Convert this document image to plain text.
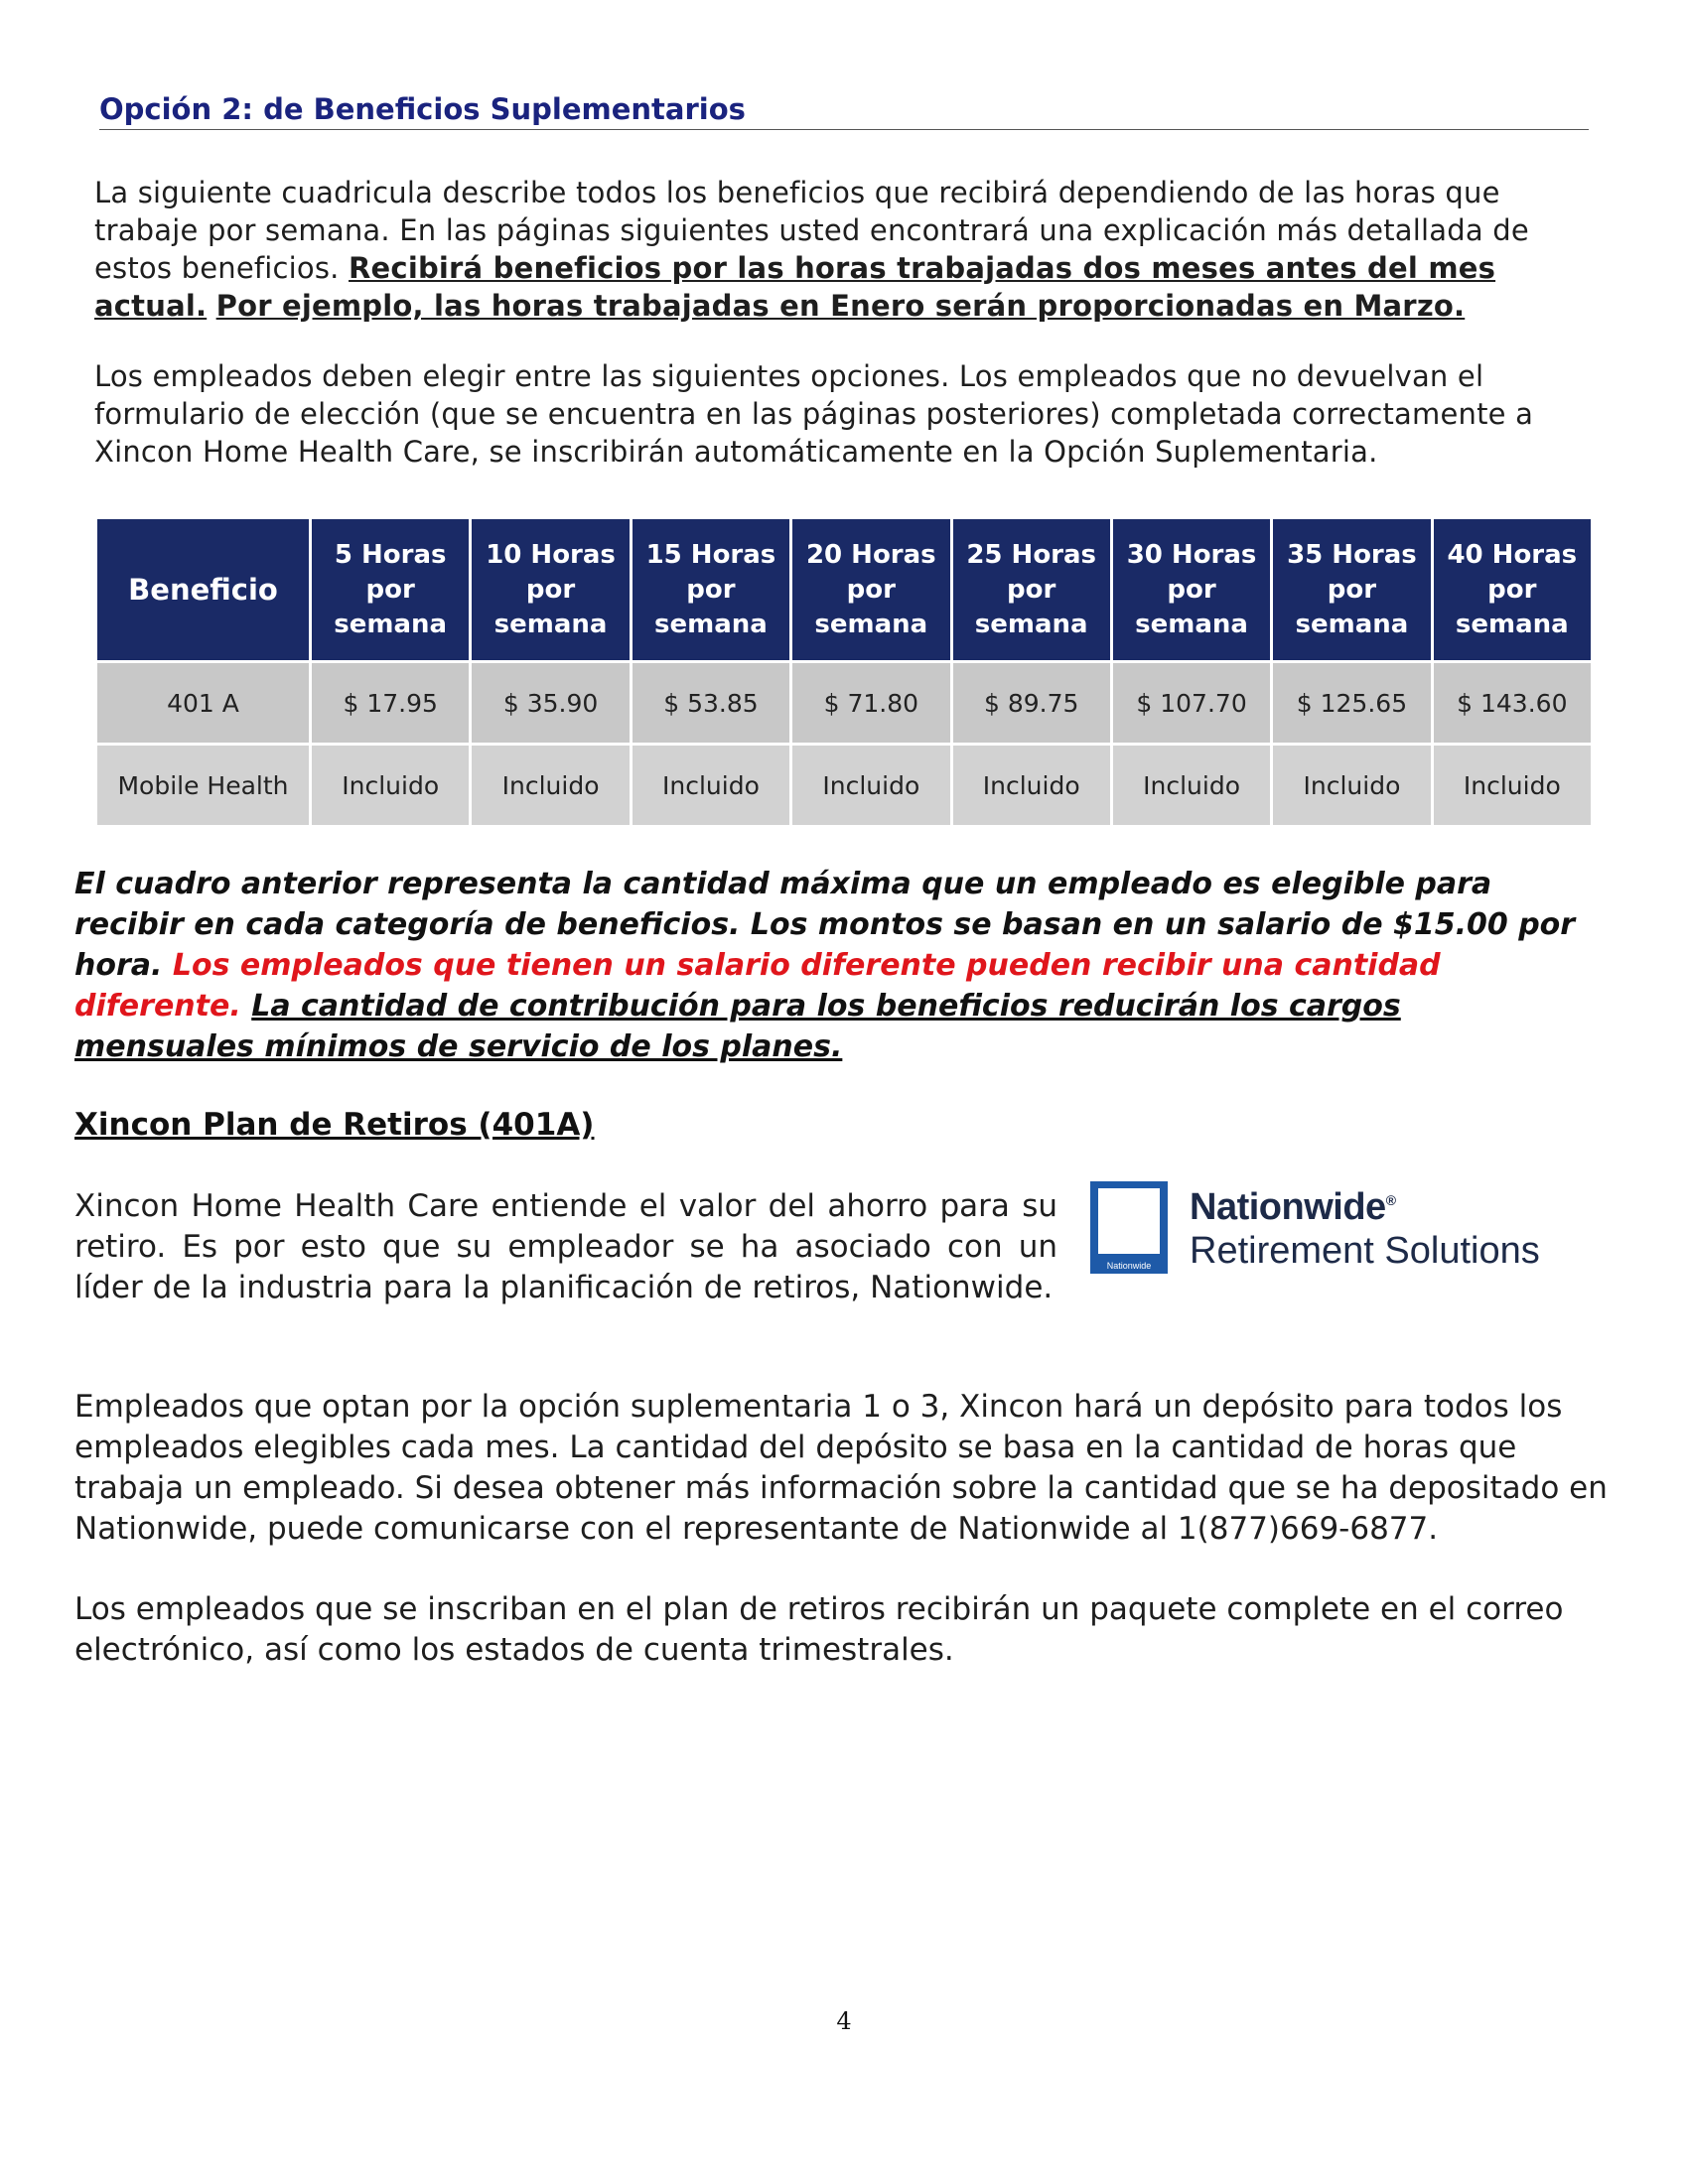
Opción 2: de Beneficios Suplementarios

La siguiente cuadricula describe todos los beneficios que recibirá dependiendo de las horas que trabaje por semana. En las páginas siguientes usted encontrará una explicación más detallada de estos beneficios. Recibirá beneficios por las horas trabajadas dos meses antes del mes actual. Por ejemplo, las horas trabajadas en Enero serán proporcionadas en Marzo.

Los empleados deben elegir entre las siguientes opciones. Los empleados que no devuelvan el formulario de elección (que se encuentra en las páginas posteriores) completada correctamente a Xincon Home Health Care, se inscribirán automáticamente en la Opción Suplementaria.

Beneficio	5 Horas por semana	10 Horas por semana	15 Horas por semana	20 Horas por semana	25 Horas por semana	30 Horas por semana	35 Horas por semana	40 Horas por semana
401 A	$ 17.95	$ 35.90	$ 53.85	$ 71.80	$ 89.75	$ 107.70	$ 125.65	$ 143.60
Mobile Health	Incluido	Incluido	Incluido	Incluido	Incluido	Incluido	Incluido	Incluido

El cuadro anterior representa la cantidad máxima que un empleado es elegible para recibir en cada categoría de beneficios. Los montos se basan en un salario de $15.00 por hora. Los empleados que tienen un salario diferente pueden recibir una cantidad diferente. La cantidad de contribución para los beneficios reducirán los cargos mensuales mínimos de servicio de los planes.

Xincon Plan de Retiros (401A)

Xincon Home Health Care entiende el valor del ahorro para su retiro. Es por esto que su empleador se ha asociado con un líder de la industria para la planificación de retiros, Nationwide.

Nationwide
Nationwide®
Retirement Solutions

Empleados que optan por la opción suplementaria 1 o 3, Xincon hará un depósito para todos los empleados elegibles cada mes. La cantidad del depósito se basa en la cantidad de horas que trabaja un empleado. Si desea obtener más información sobre la cantidad que se ha depositado en Nationwide, puede comunicarse con el representante de Nationwide al 1(877)669-6877.

Los empleados que se inscriban en el plan de retiros recibirán un paquete complete en el correo electrónico, así como los estados de cuenta trimestrales.

4
